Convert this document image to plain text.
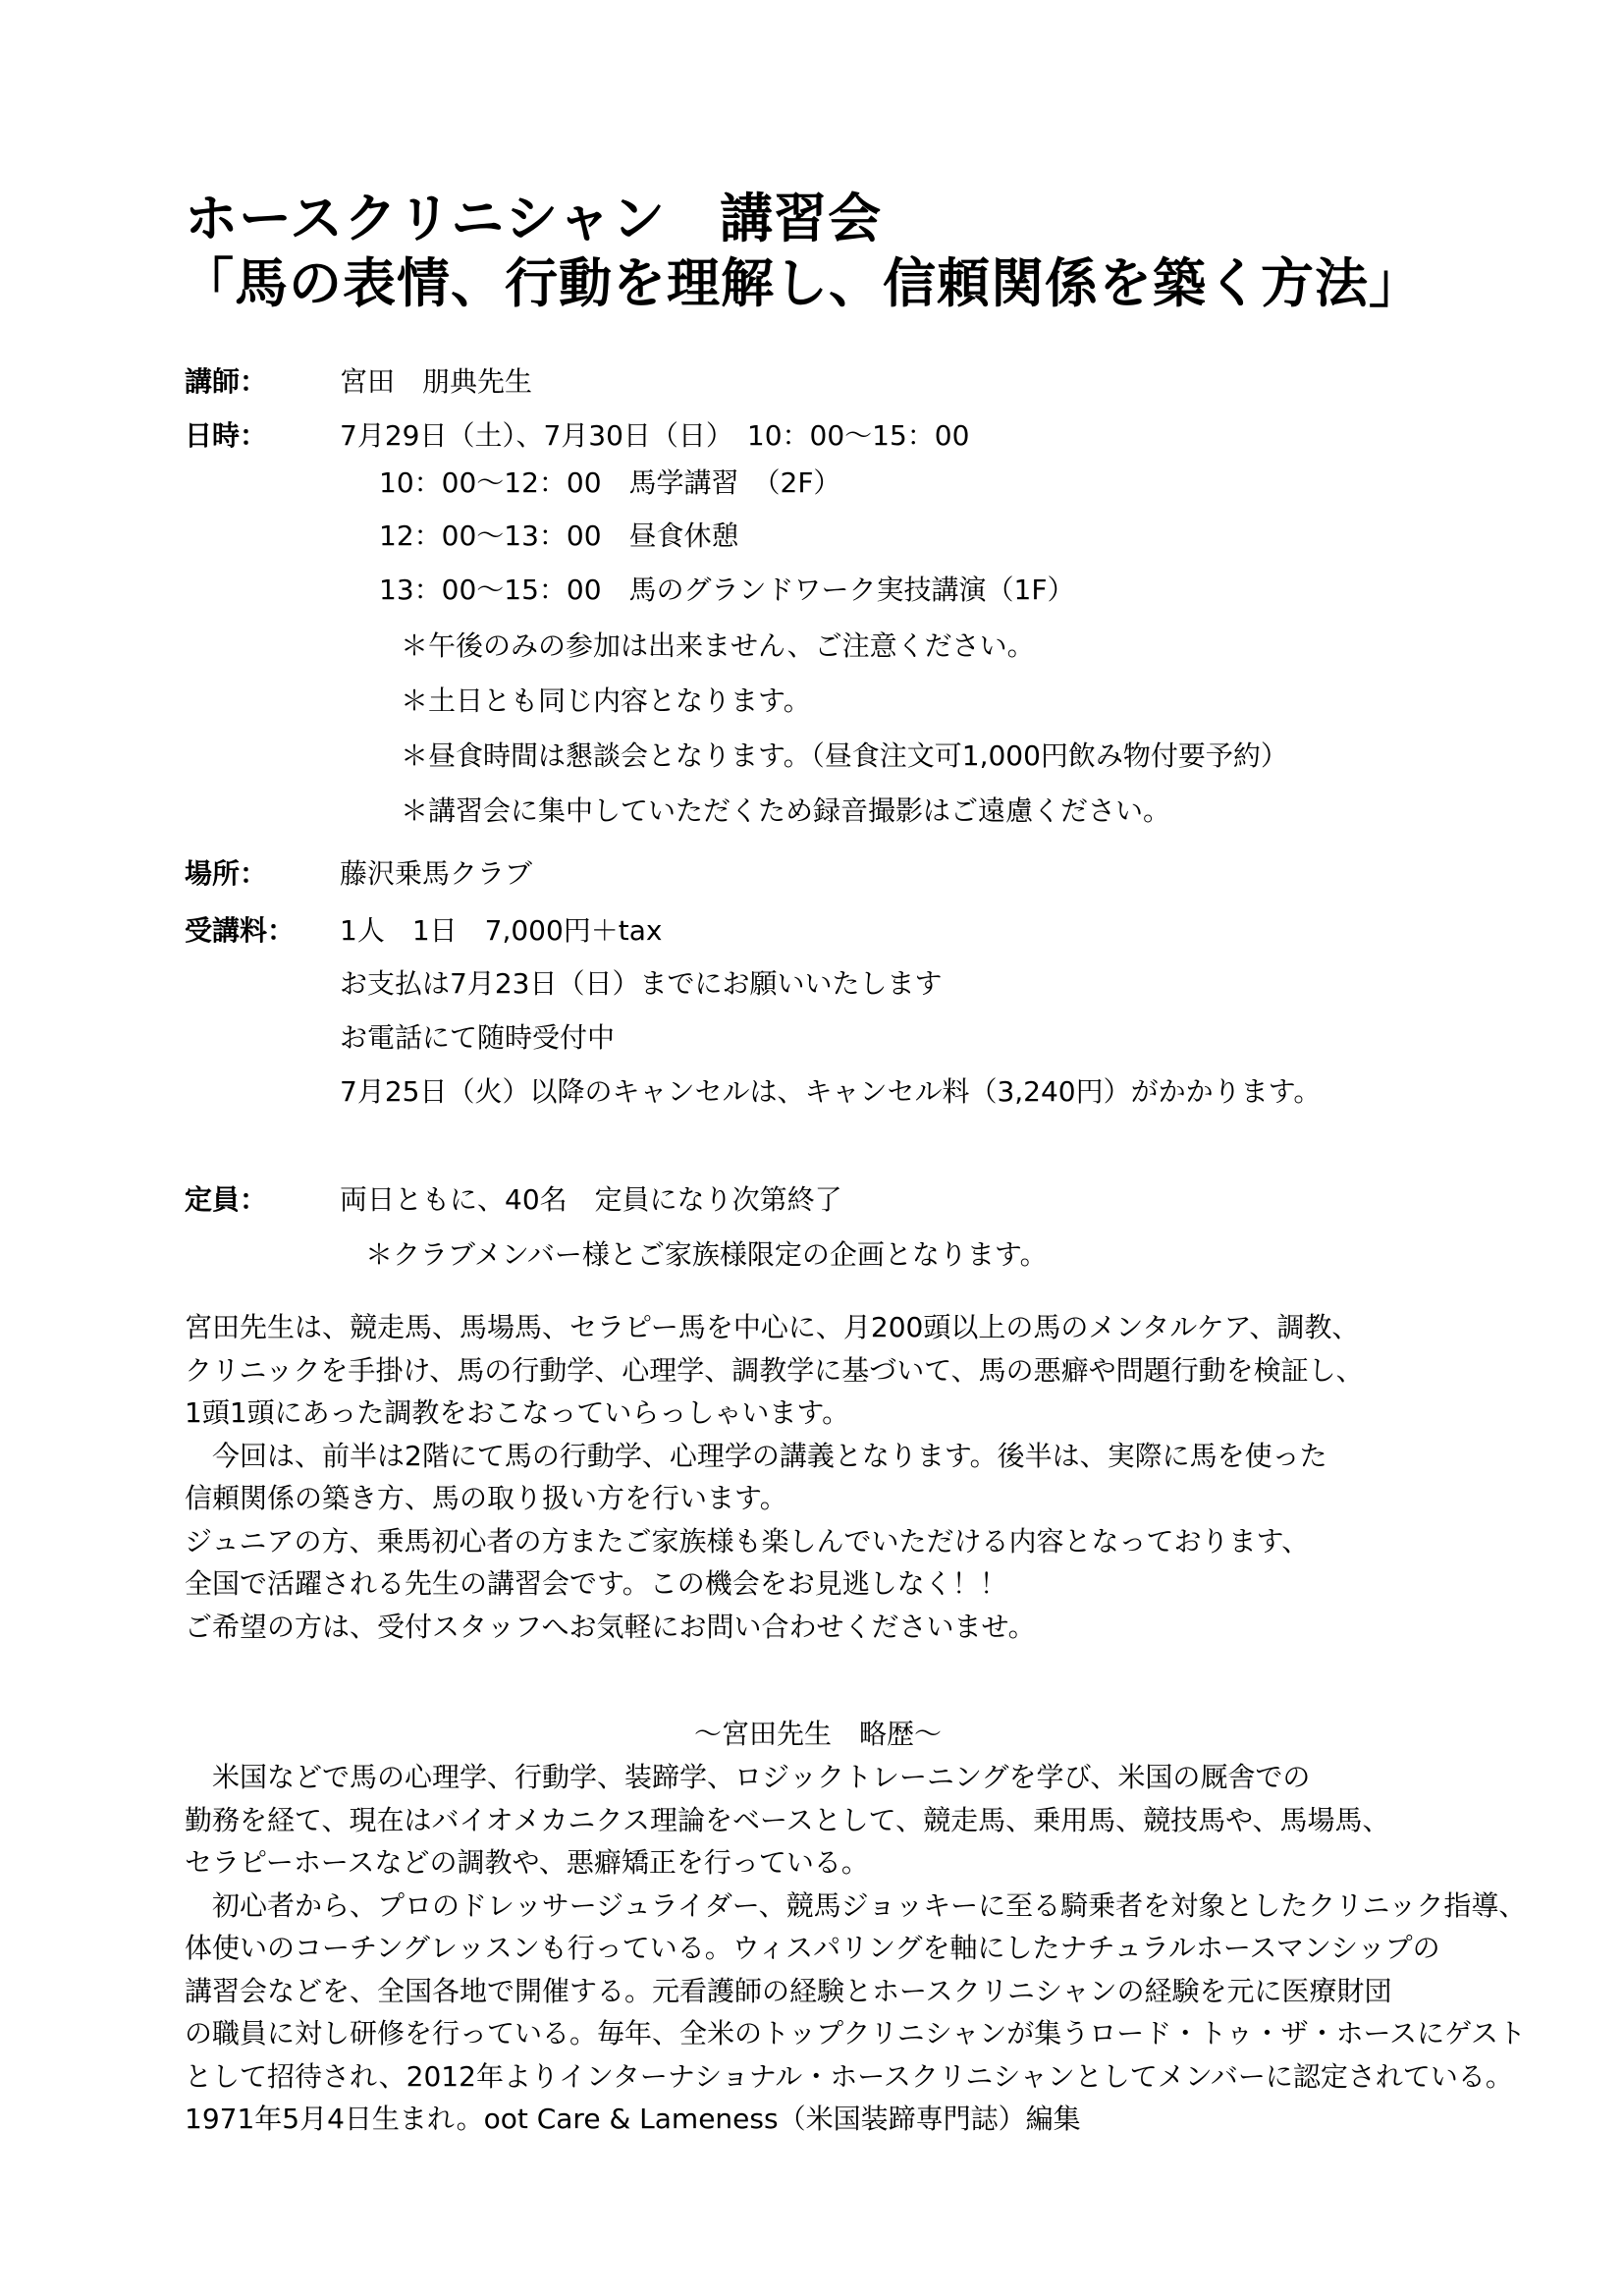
ホースクリニシャン　講習会
「馬の表情、行動を理解し、信頼関係を築く方法」
講師：	宮田　朋典先生
日時：	7月29日（土）、7月30日（日）　10：00～15：00
10：00～12：00　馬学講習　（2F）
12：00～13：00　昼食休憩
13：00～15：00　馬のグランドワーク実技講演（1F）
＊午後のみの参加は出来ません、ご注意ください。
＊土日とも同じ内容となります。
＊昼食時間は懇談会となります。（昼食注文可1,000円飲み物付要予約）
＊講習会に集中していただくため録音撮影はご遠慮ください。
場所：	藤沢乗馬クラブ
受講料： 1人　1日　7,000円＋tax
お支払は7月23日（日）までにお願いいたします
お電話にて随時受付中
7月25日（火）以降のキャンセルは、キャンセル料（3,240円）がかかります。
定員：	両日ともに、40名　定員になり次第終了
＊クラブメンバー様とご家族様限定の企画となります。
宮田先生は、競走馬、馬場馬、セラピー馬を中心に、月200頭以上の馬のメンタルケア、調教、
クリニックを手掛け、馬の行動学、心理学、調教学に基づいて、馬の悪癖や問題行動を検証し、
1頭1頭にあった調教をおこなっていらっしゃいます。
　今回は、前半は2階にて馬の行動学、心理学の講義となります。後半は、実際に馬を使った
信頼関係の築き方、馬の取り扱い方を行います。
ジュニアの方、乗馬初心者の方またご家族様も楽しんでいただける内容となっております、
全国で活躍される先生の講習会です。この機会をお見逃しなく！！
ご希望の方は、受付スタッフへお気軽にお問い合わせくださいませ。
～宮田先生　略歴～
　米国などで馬の心理学、行動学、装蹄学、ロジックトレーニングを学び、米国の厩舎での
勤務を経て、現在はバイオメカニクス理論をベースとして、競走馬、乗用馬、競技馬や、馬場馬、
セラピーホースなどの調教や、悪癖矯正を行っている。
　初心者から、プロのドレッサージュライダー、競馬ジョッキーに至る騎乗者を対象としたクリニック指導、
体使いのコーチングレッスンも行っている。ウィスパリングを軸にしたナチュラルホースマンシップの
講習会などを、全国各地で開催する。元看護師の経験とホースクリニシャンの経験を元に医療財団
の職員に対し研修を行っている。毎年、全米のトップクリニシャンが集うロード・トゥ・ザ・ホースにゲスト
として招待され、2012年よりインターナショナル・ホースクリニシャンとしてメンバーに認定されている。
1971年5月4日生まれ。oot Care & Lameness（米国装蹄専門誌）編集
